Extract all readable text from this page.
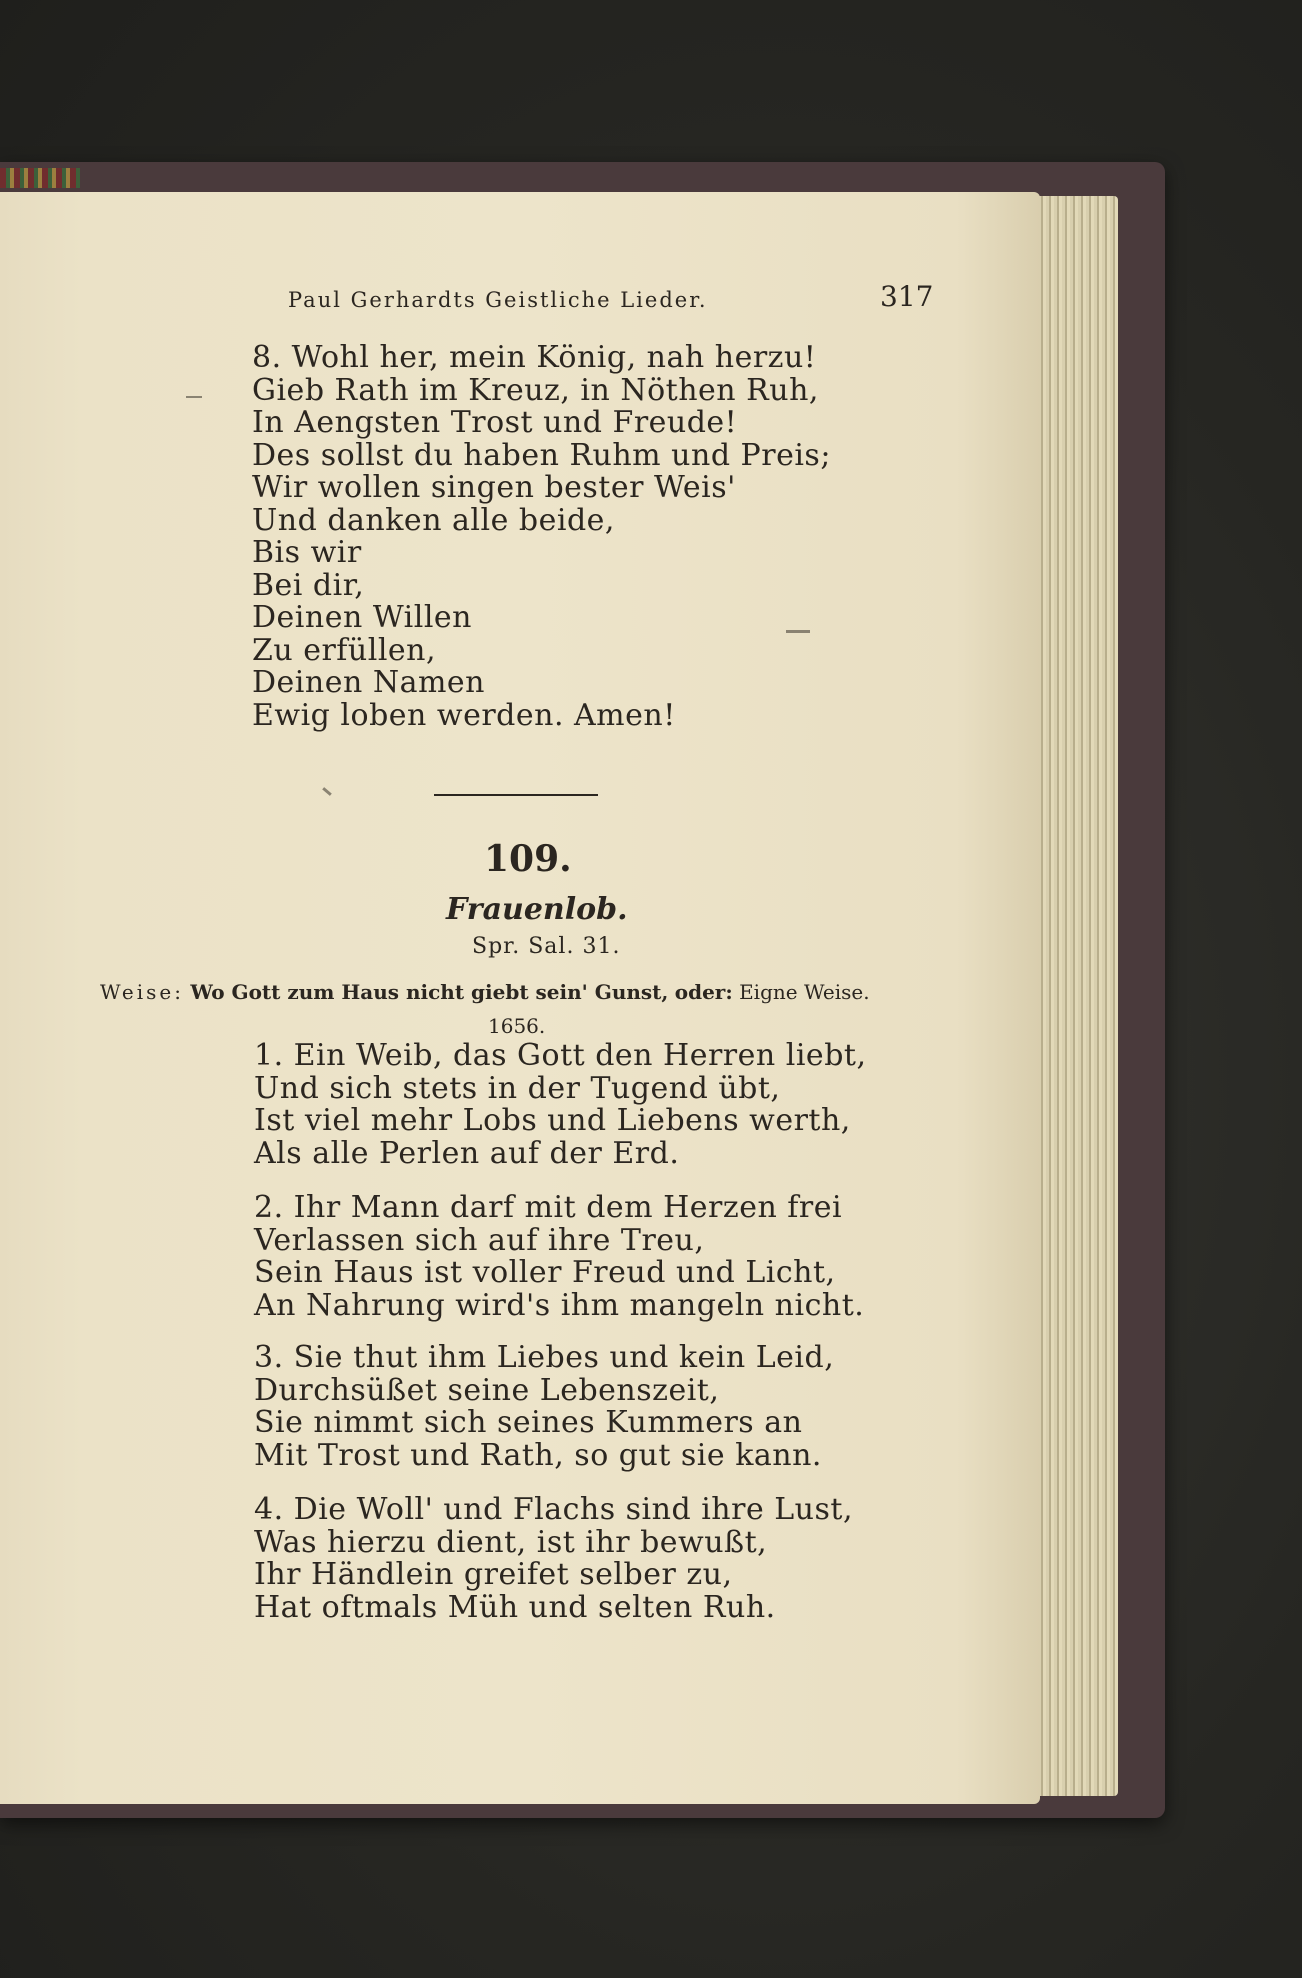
Paul Gerhardts Geistliche Lieder.	317
8. Wohl her, mein König, nah herzu!
Gieb Rath im Kreuz, in Nöthen Ruh,
In Aengsten Trost und Freude!
Des sollst du haben Ruhm und Preis;
Wir wollen singen bester Weis'
Und danken alle beide,
Bis wir
Bei dir,
Deinen Willen
Zu erfüllen,
Deinen Namen
Ewig loben werden. Amen!
109.
Frauenlob.
Spr. Sal. 31.
Weise: Wo Gott zum Haus nicht giebt sein' Gunst, oder: Eigne Weise.
1656.
1. Ein Weib, das Gott den Herren liebt,
Und sich stets in der Tugend übt,
Ist viel mehr Lobs und Liebens werth,
Als alle Perlen auf der Erd.
2. Ihr Mann darf mit dem Herzen frei
Verlassen sich auf ihre Treu,
Sein Haus ist voller Freud und Licht,
An Nahrung wird's ihm mangeln nicht.
3. Sie thut ihm Liebes und kein Leid,
Durchsüßet seine Lebenszeit,
Sie nimmt sich seines Kummers an
Mit Trost und Rath, so gut sie kann.
4. Die Woll' und Flachs sind ihre Lust,
Was hierzu dient, ist ihr bewußt,
Ihr Händlein greifet selber zu,
Hat oftmals Müh und selten Ruh.
